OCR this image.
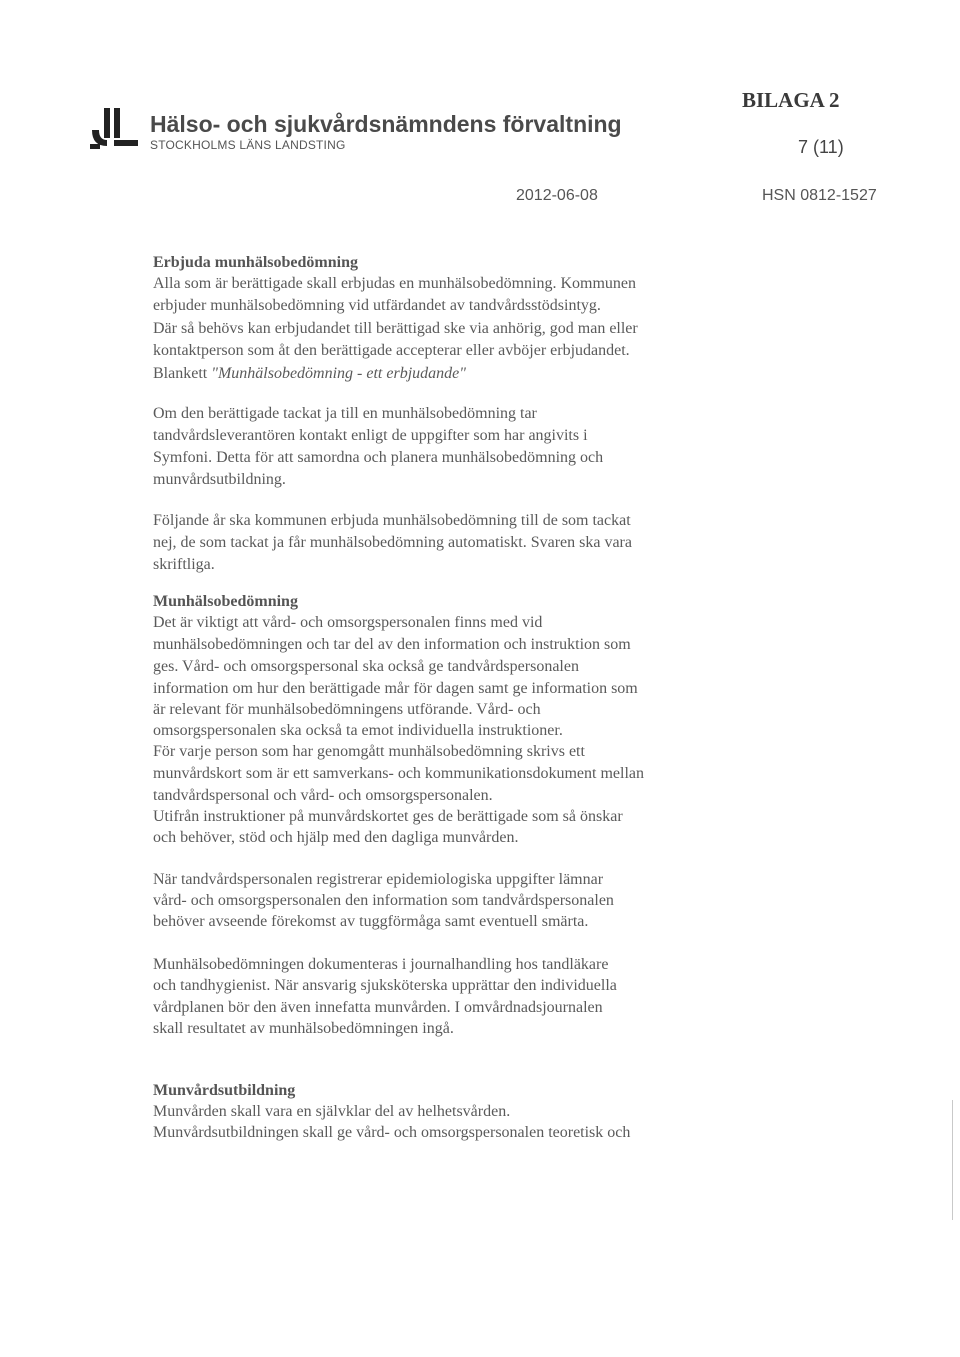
Hälso- och sjukvårdsnämndens förvaltning
STOCKHOLMS LÄNS LANDSTING
BILAGA 2
7 (11)
2012-06-08	HSN 0812-1527
Erbjuda munhälsobedömning
Alla som är berättigade skall erbjudas en munhälsobedömning. Kommunen
erbjuder munhälsobedömning vid utfärdandet av tandvårdsstödsintyg.
Där så behövs kan erbjudandet till berättigad ske via anhörig, god man eller
kontaktperson som åt den berättigade accepterar eller avböjer erbjudandet.
Blankett "Munhälsobedömning - ett erbjudande"
Om den berättigade tackat ja till en munhälsobedömning tar
tandvårdsleverantören kontakt enligt de uppgifter som har angivits i
Symfoni. Detta för att samordna och planera munhälsobedömning och
munvårdsutbildning.
Följande år ska kommunen erbjuda munhälsobedömning till de som tackat
nej, de som tackat ja får munhälsobedömning automatiskt. Svaren ska vara
skriftliga.
Munhälsobedömning
Det är viktigt att vård- och omsorgspersonalen finns med vid
munhälsobedömningen och tar del av den information och instruktion som
ges. Vård- och omsorgspersonal ska också ge tandvårdspersonalen
information om hur den berättigade mår för dagen samt ge information som
är relevant för munhälsobedömningens utförande. Vård- och
omsorgspersonalen ska också ta emot individuella instruktioner.
För varje person som har genomgått munhälsobedömning skrivs ett
munvårdskort som är ett samverkans- och kommunikationsdokument mellan
tandvårdspersonal och vård- och omsorgspersonalen.
Utifrån instruktioner på munvårdskortet ges de berättigade som så önskar
och behöver, stöd och hjälp med den dagliga munvården.
När tandvårdspersonalen registrerar epidemiologiska uppgifter lämnar
vård- och omsorgspersonalen den information som tandvårdspersonalen
behöver avseende förekomst av tuggförmåga samt eventuell smärta.
Munhälsobedömningen dokumenteras i journalhandling hos tandläkare
och tandhygienist. När ansvarig sjuksköterska upprättar den individuella
vårdplanen bör den även innefatta munvården. I omvårdnadsjournalen
skall resultatet av munhälsobedömningen ingå.
Munvårdsutbildning
Munvården skall vara en självklar del av helhetsvården.
Munvårdsutbildningen skall ge vård- och omsorgspersonalen teoretisk och
